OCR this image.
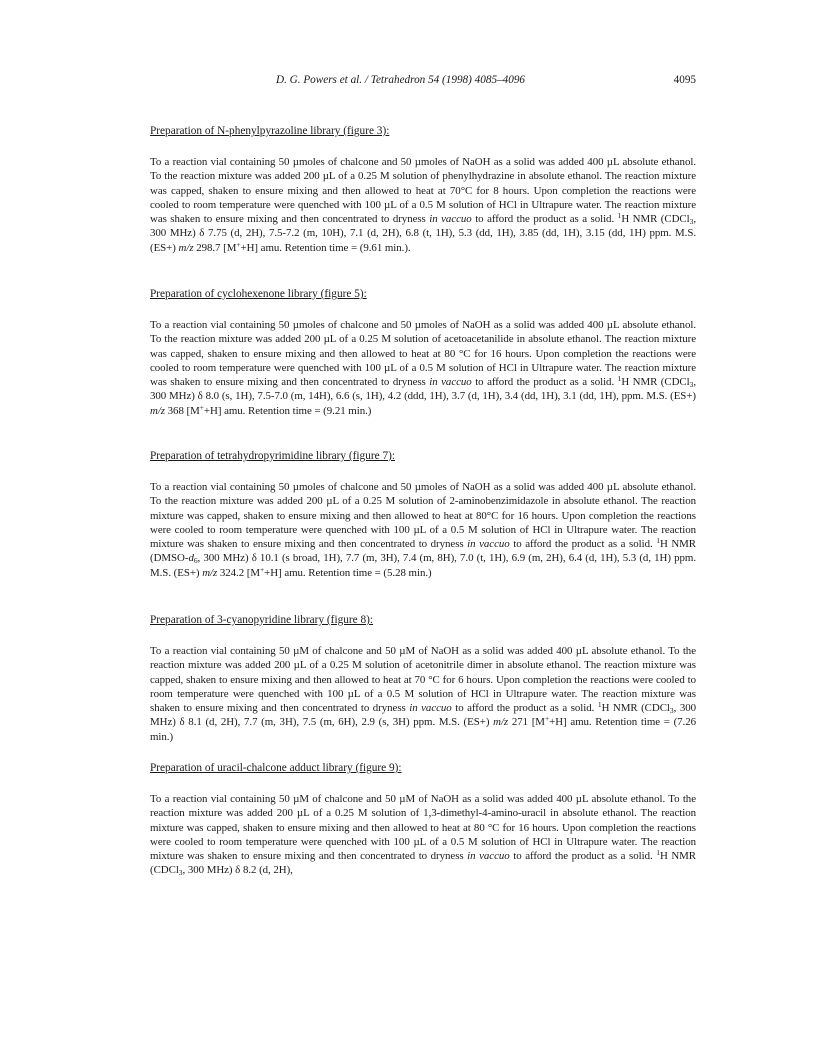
D. G. Powers et al. / Tetrahedron 54 (1998) 4085–4096	4095
Preparation of N-phenylpyrazoline library (figure 3):

To a reaction vial containing 50 µmoles of chalcone and 50 µmoles of NaOH as a solid was added 400 µL absolute ethanol. To the reaction mixture was added 200 µL of a 0.25 M solution of phenylhydrazine in absolute ethanol. The reaction mixture was capped, shaken to ensure mixing and then allowed to heat at 70°C for 8 hours. Upon completion the reactions were cooled to room temperature were quenched with 100 µL of a 0.5 M solution of HCl in Ultrapure water. The reaction mixture was shaken to ensure mixing and then concentrated to dryness in vaccuo to afford the product as a solid. $^1$H NMR (CDCl$_3$, 300 MHz) δ 7.75 (d, 2H), 7.5-7.2 (m, 10H), 7.1 (d, 2H), 6.8 (t, 1H), 5.3 (dd, 1H), 3.85 (dd, 1H), 3.15 (dd, 1H) ppm. M.S. (ES+) m/z 298.7 [M++H] amu. Retention time = (9.61 min.).

Preparation of cyclohexenone library (figure 5):

To a reaction vial containing 50 µmoles of chalcone and 50 µmoles of NaOH as a solid was added 400 µL absolute ethanol. To the reaction mixture was added 200 µL of a 0.25 M solution of acetoacetanilide in absolute ethanol. The reaction mixture was capped, shaken to ensure mixing and then allowed to heat at 80 °C for 16 hours. Upon completion the reactions were cooled to room temperature were quenched with 100 µL of a 0.5 M solution of HCl in Ultrapure water. The reaction mixture was shaken to ensure mixing and then concentrated to dryness in vaccuo to afford the product as a solid. $^1$H NMR (CDCl$_3$, 300 MHz) δ 8.0 (s, 1H), 7.5-7.0 (m, 14H), 6.6 (s, 1H), 4.2 (ddd, 1H), 3.7 (d, 1H), 3.4 (dd, 1H), 3.1 (dd, 1H), ppm. M.S. (ES+) m/z 368 [M++H] amu. Retention time = (9.21 min.)

Preparation of tetrahydropyrimidine library (figure 7):

To a reaction vial containing 50 µmoles of chalcone and 50 µmoles of NaOH as a solid was added 400 µL absolute ethanol. To the reaction mixture was added 200 µL of a 0.25 M solution of 2-aminobenzimidazole in absolute ethanol. The reaction mixture was capped, shaken to ensure mixing and then allowed to heat at 80°C for 16 hours. Upon completion the reactions were cooled to room temperature were quenched with 100 µL of a 0.5 M solution of HCl in Ultrapure water. The reaction mixture was shaken to ensure mixing and then concentrated to dryness in vaccuo to afford the product as a solid. $^1$H NMR ($DMSO-d_6$, 300 MHz) δ 10.1 (s broad, 1H), 7.7 (m, 3H), 7.4 (m, 8H), 7.0 (t, 1H), 6.9 (m, 2H), 6.4 (d, 1H), 5.3 (d, 1H) ppm. M.S. (ES+) m/z 324.2 [M++H] amu. Retention time = (5.28 min.)

Preparation of 3-cyanopyridine library (figure 8):

To a reaction vial containing 50 µM of chalcone and 50 µM of NaOH as a solid was added 400 µL absolute ethanol. To the reaction mixture was added 200 µL of a 0.25 M solution of acetonitrile dimer in absolute ethanol. The reaction mixture was capped, shaken to ensure mixing and then allowed to heat at 70 °C for 6 hours. Upon completion the reactions were cooled to room temperature were quenched with 100 µL of a 0.5 M solution of HCl in Ultrapure water. The reaction mixture was shaken to ensure mixing and then concentrated to dryness in vaccuo to afford the product as a solid. $^1$H NMR (CDCl$_3$, 300 MHz) δ 8.1 (d, 2H), 7.7 (m, 3H), 7.5 (m, 6H), 2.9 (s, 3H) ppm. M.S. (ES+) m/z 271 [M++H] amu. Retention time = (7.26 min.)

Preparation of uracil-chalcone adduct library (figure 9):

To a reaction vial containing 50 µM of chalcone and 50 µM of NaOH as a solid was added 400 µL absolute ethanol. To the reaction mixture was added 200 µL of a 0.25 M solution of 1,3-dimethyl-4-amino-uracil in absolute ethanol. The reaction mixture was capped, shaken to ensure mixing and then allowed to heat at 80 °C for 16 hours. Upon completion the reactions were cooled to room temperature were quenched with 100 µL of a 0.5 M solution of HCl in Ultrapure water. The reaction mixture was shaken to ensure mixing and then concentrated to dryness in vaccuo to afford the product as a solid. $^1$H NMR (CDCl$_3$, 300 MHz) δ 8.2 (d, 2H),
